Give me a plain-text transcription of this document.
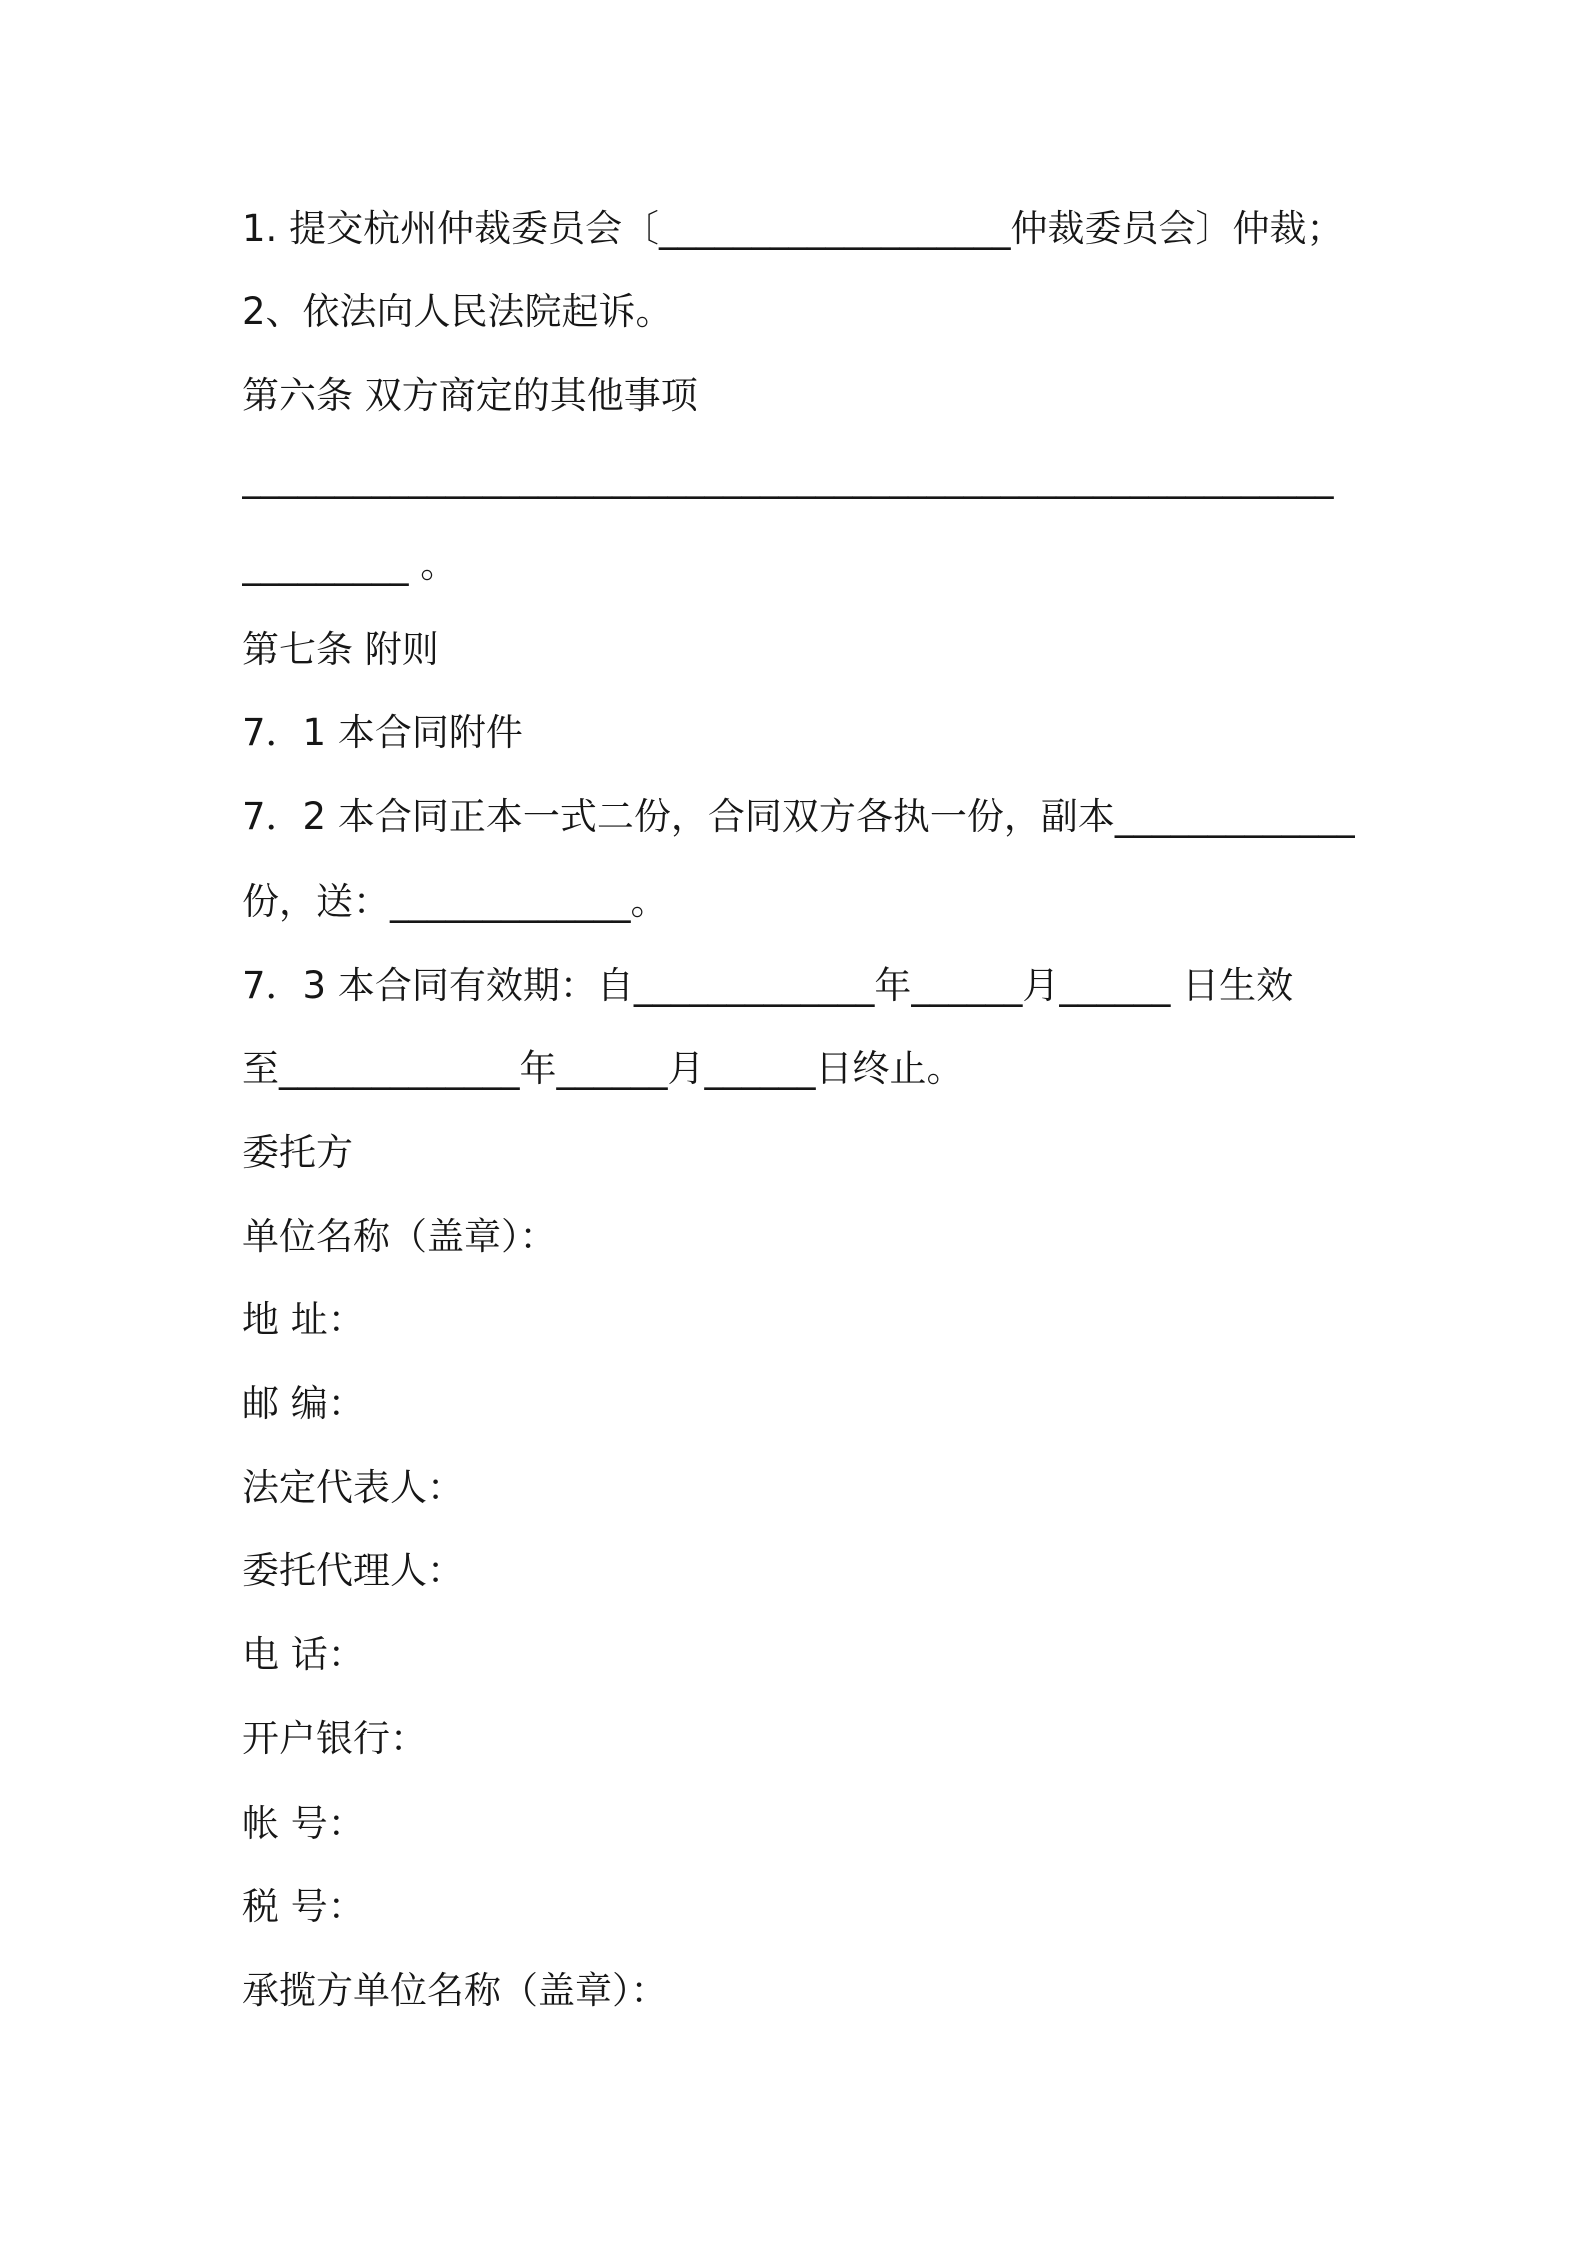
1. 提交杭州仲裁委员会〔___________________仲裁委员会〕仲裁；
2、依法向人民法院起诉。
第六条 双方商定的其他事项
___________________________________________________________
_________ 。
第七条 附则
7．1 本合同附件
7．2 本合同正本一式二份，合同双方各执一份，副本_____________
份，送：_____________。
7．3 本合同有效期：自_____________年______月______ 日生效
至_____________年______月______日终止。
委托方
单位名称（盖章）：
地 址：
邮 编：
法定代表人：
委托代理人：
电 话：
开户银行：
帐 号：
税 号：
承揽方单位名称（盖章）：
